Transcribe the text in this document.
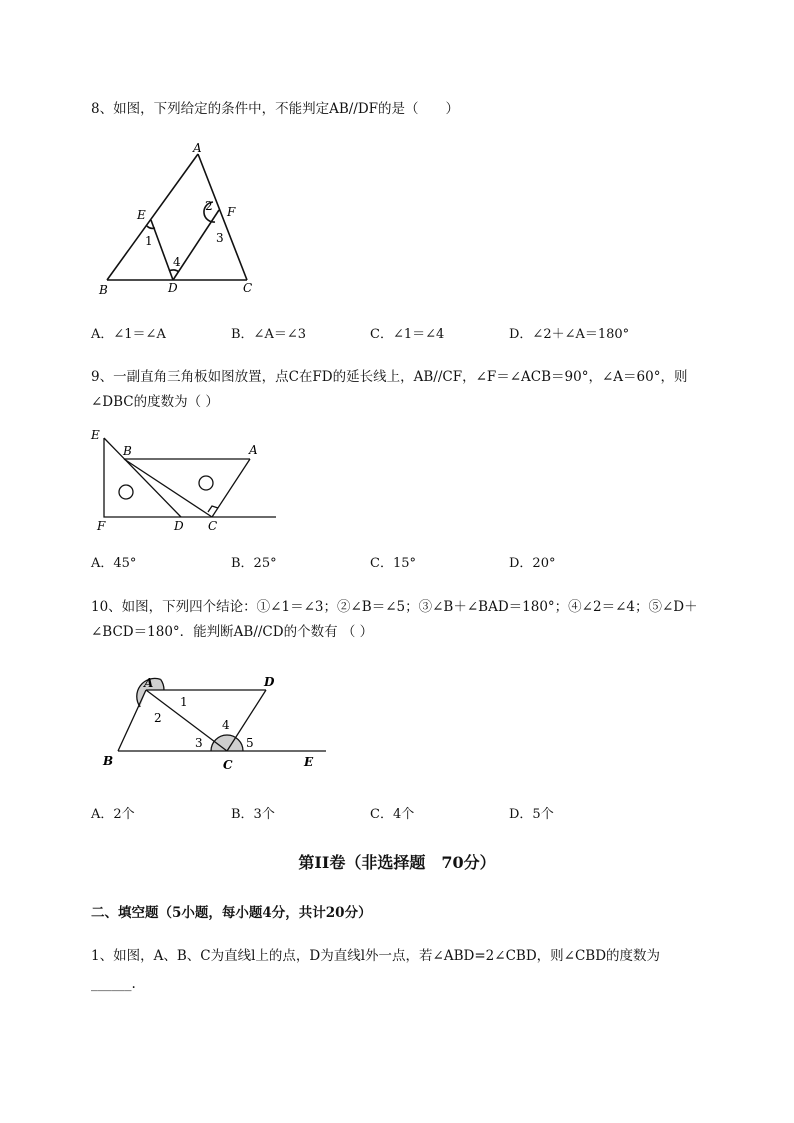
8、如图，下列给定的条件中，不能判定AB//DF的是（　　）
A
E	F
B	D	C
1
2
3
4
A．∠1＝∠A	B．∠A＝∠3	C．∠1＝∠4	D．∠2＋∠A＝180°
9、一副直角三角板如图放置，点C在FD的延长线上，AB//CF，∠F＝∠ACB＝90°，∠A＝60°，则
∠DBC的度数为（ ）
E
B	A
F	D C
A．45°	B．25°	C．15°	D．20°
10、如图，下列四个结论：①∠1＝∠3；②∠B＝∠5；③∠B＋∠BAD＝180°；④∠2＝∠4；⑤∠D＋
∠BCD＝180°．能判断AB//CD的个数有 （ ）
A	D
B	C	E
1
2
3
4
5
A．2个	B．3个	C．4个	D．5个
第II卷（非选择题　70分）
二、填空题（5小题，每小题4分，共计20分）
1、如图，A、B、C为直线l上的点，D为直线l外一点，若∠ABD=2∠CBD，则∠CBD的度数为
______.
